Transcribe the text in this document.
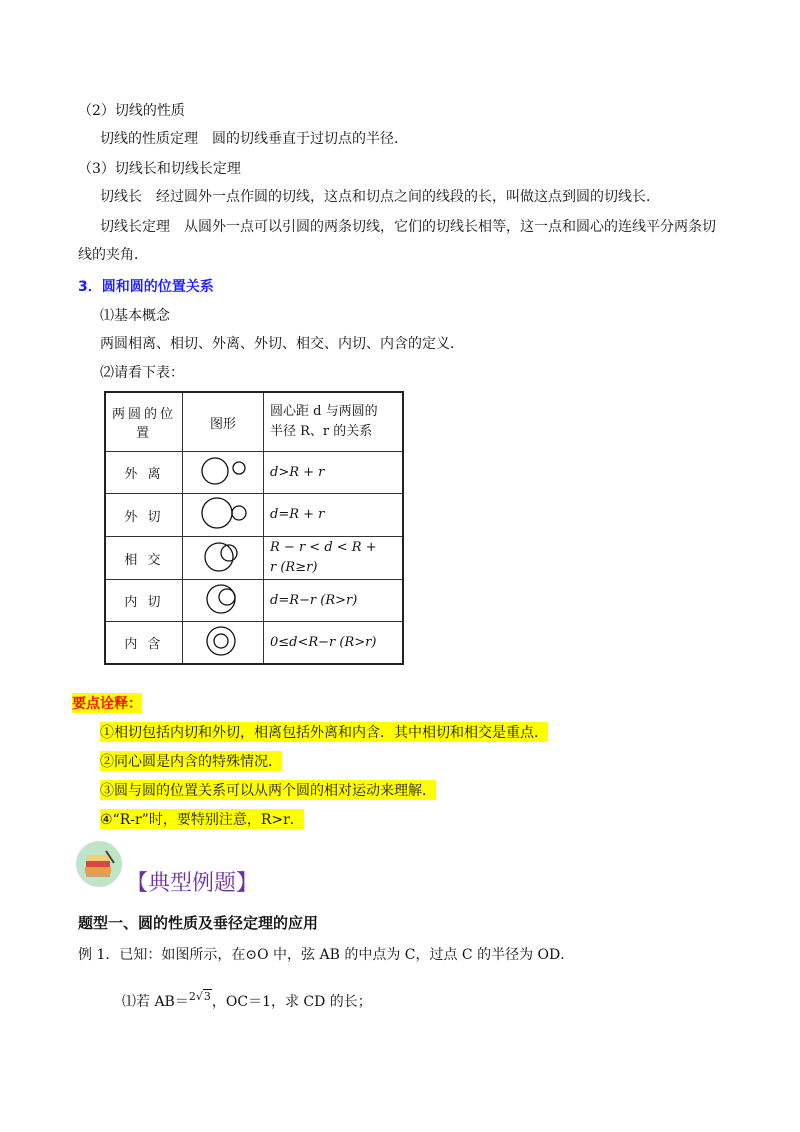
（2）切线的性质
切线的性质定理　圆的切线垂直于过切点的半径．
（3）切线长和切线长定理
切线长　经过圆外一点作圆的切线，这点和切点之间的线段的长，叫做这点到圆的切线长．
切线长定理　从圆外一点可以引圆的两条切线，它们的切线长相等，这一点和圆心的连线平分两条切
线的夹角．
3．圆和圆的位置关系
⑴基本概念
两圆相离、相切、外离、外切、相交、内切、内含的定义．
⑵请看下表：
两圆的位置	图形	圆心距 d 与两圆的
半径 R、r 的关系

外 离		d>R + r
外 切		d=R + r
相 交		R − r < d < R +
r (R≥r)

内 切		d=R−r (R>r)
内 含		0≤d<R−r (R>r)
要点诠释：
①相切包括内切和外切，相离包括外离和内含．其中相切和相交是重点．
②同心圆是内含的特殊情况．
③圆与圆的位置关系可以从两个圆的相对运动来理解．
④“R-r”时，要特别注意，R>r．
【典型例题】
题型一、圆的性质及垂径定理的应用
例 1．已知：如图所示，在⊙O 中，弦 AB 的中点为 C，过点 C 的半径为 OD．
⑴若 AB＝$^{2√3}$，OC＝1，求 CD 的长；
